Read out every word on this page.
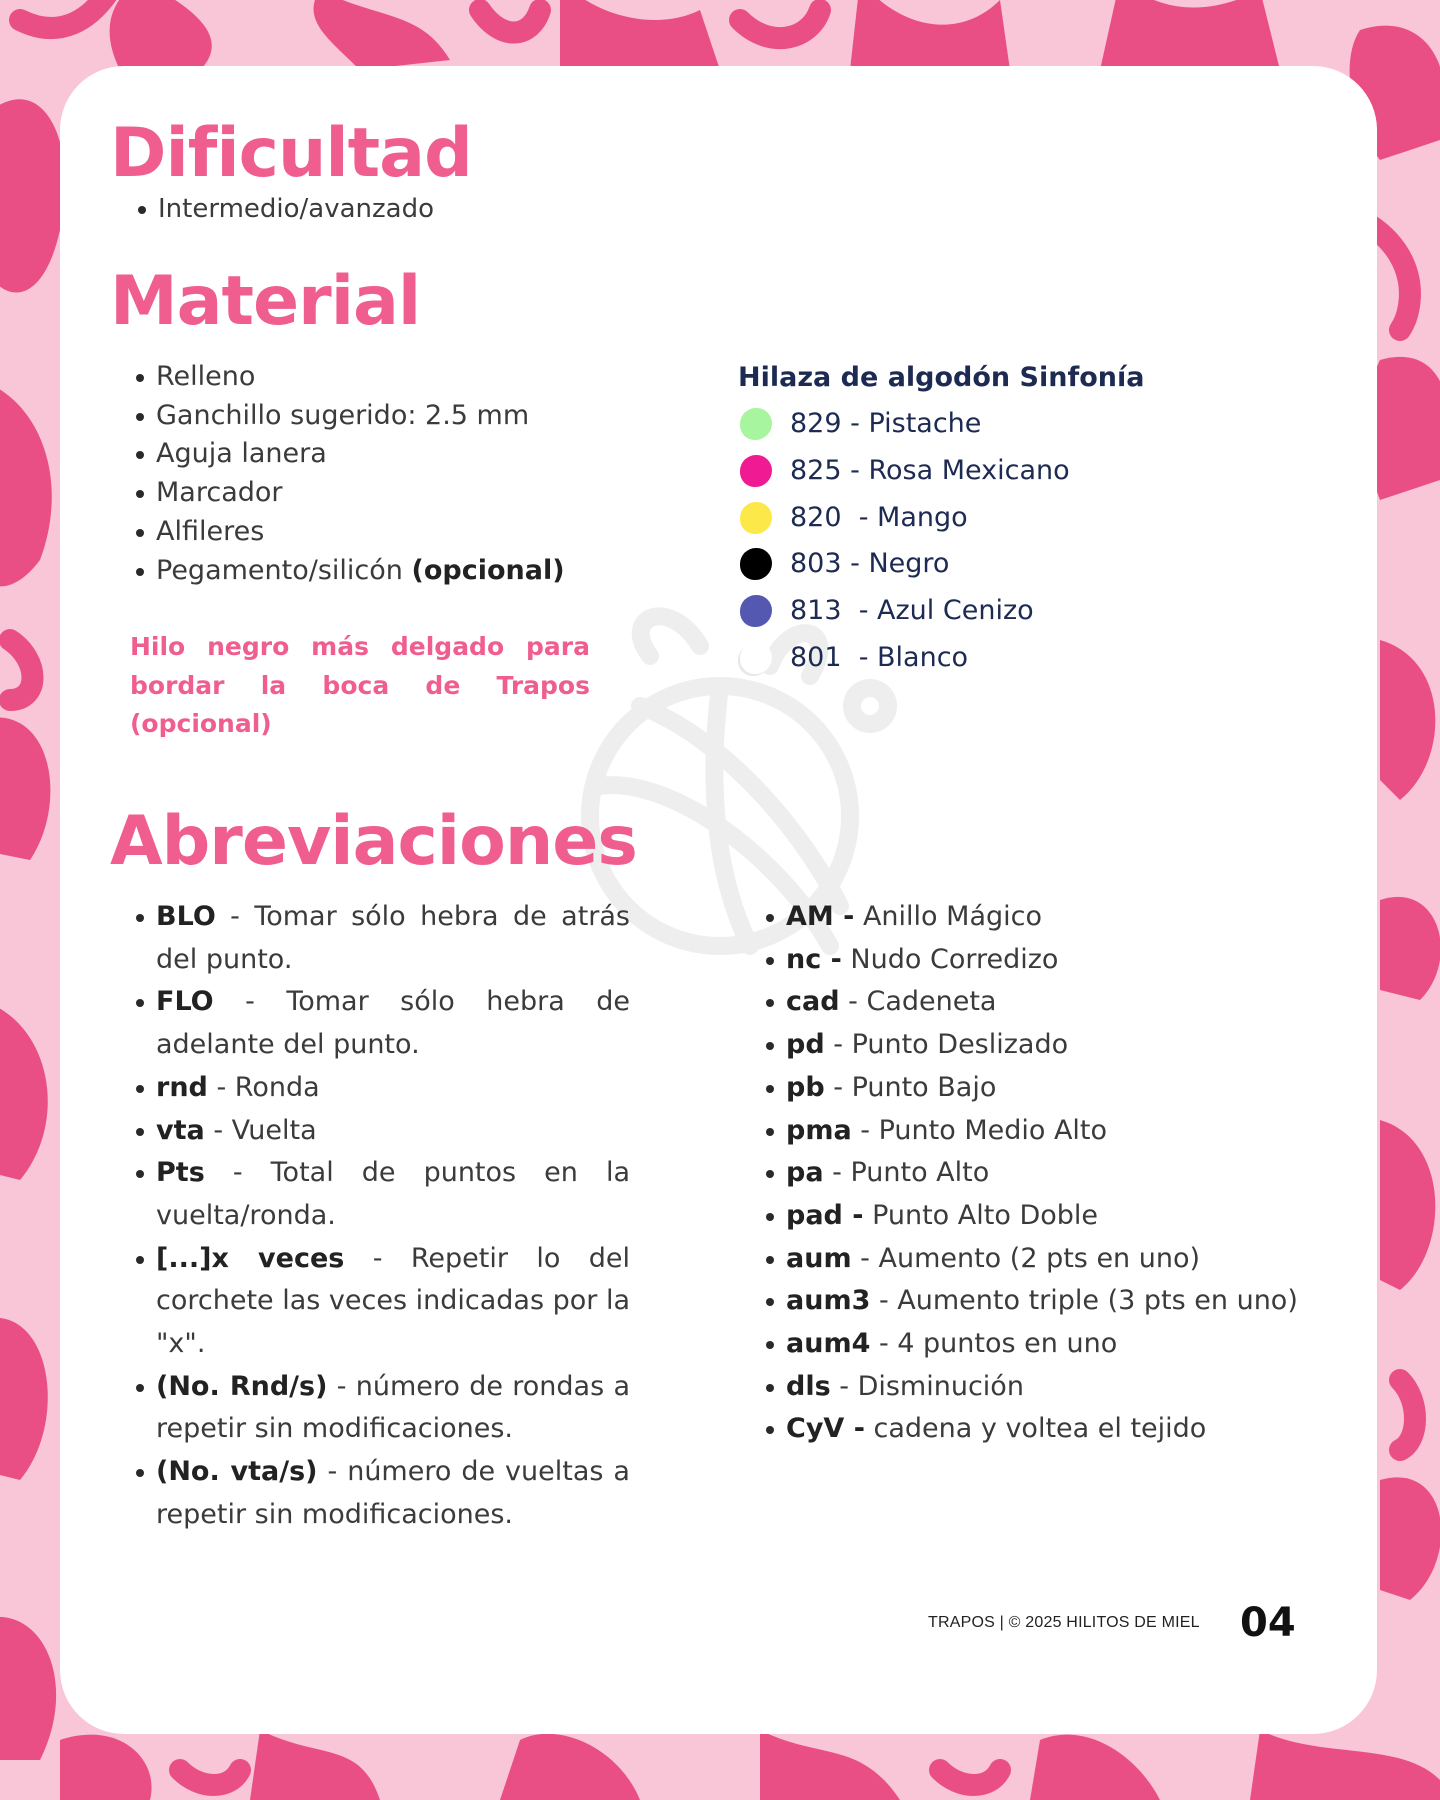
Dificultad
Intermedio/avanzado
Material
Relleno
Ganchillo sugerido: 2.5 mm
Aguja lanera
Marcador
Alfileres
Pegamento/silicón (opcional)

Hilo negro más delgado para bordar la boca de Trapos (opcional)

Hilaza de algodón Sinfonía
829 - Pistache
825 - Rosa Mexicano
820  - Mango
803 - Negro
813  - Azul Cenizo
801  - Blanco
Abreviaciones
BLO - Tomar sólo hebra de atrás del punto.
FLO - Tomar sólo hebra de adelante del punto.
rnd - Ronda
vta - Vuelta
Pts - Total de puntos en la vuelta/ronda.
[...]x veces - Repetir lo del corchete las veces indicadas por la "x".
(No. Rnd/s) - número de rondas a repetir sin modificaciones.
(No. vta/s) - número de vueltas a repetir sin modificaciones.
AM - Anillo Mágico
nc - Nudo Corredizo
cad - Cadeneta
pd - Punto Deslizado
pb - Punto Bajo
pma - Punto Medio Alto
pa - Punto Alto
pad - Punto Alto Doble
aum - Aumento (2 pts en uno)
aum3 - Aumento triple (3 pts en uno)
aum4 - 4 puntos en uno
dls - Disminución
CyV - cadena y voltea el tejido
TRAPOS | © 2025 HILITOS DE MIEL 04
